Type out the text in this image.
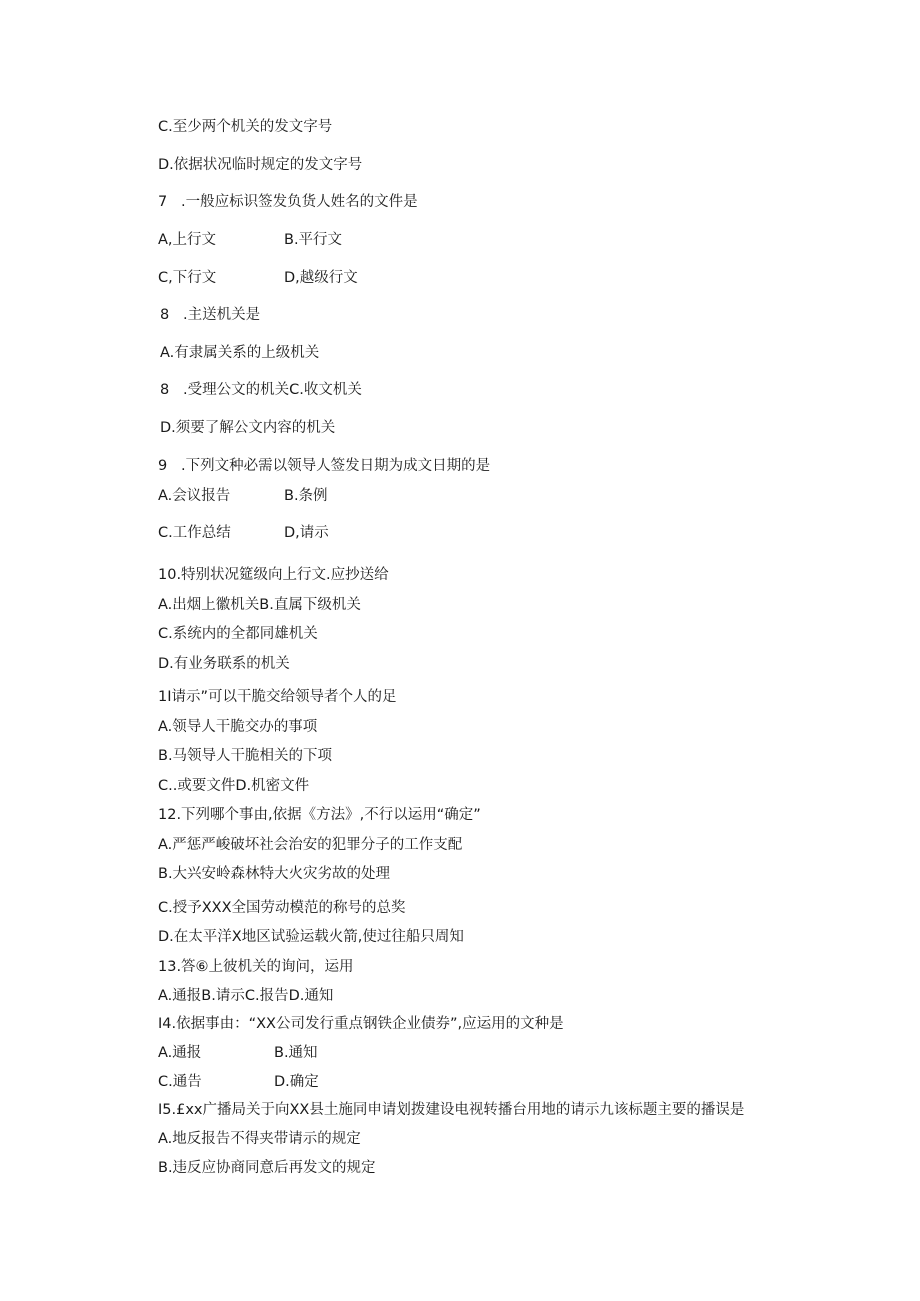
C.至少两个机关的发文字号
D.依据状况临时规定的发文字号
7   .一般应标识签发负货人姓名的文件是
A,上行文	B.平行文
C,下行文	D,越级行文
8   .主送机关是
A.有隶属关系的上级机关
8   .受理公文的机关C.收文机关
D.须要了解公文内容的机关
9   .下列文种必需以领导人签发日期为成文日期的是
A.会议报告	B.条例
C.工作总结	D,请示
10.特别状况筵级向上行文.应抄送给
A.出烟上徽机关B.直属下级机关
C.系统内的全都同雄机关
D.有业务联系的机关
1I请示”可以干脆交给领导者个人的足
A.领导人干脆交办的事项
B.马领导人干脆相关的下项
C..或要文件D.机密文件
12.下列哪个事由,依据《方法》,不行以运用“确定”
A.严惩严峻破坏社会治安的犯罪分子的工作支配
B.大兴安岭森林特大火灾劣故的处理
C.授予XXX全国劳动模范的称号的总奖
D.在太平洋X地区试验运载火箭,使过往船只周知
13.答⑥上彼机关的询问，运用
A.通报B.请示C.报告D.通知
I4.依据事由：“XX公司发行重点钢铁企业债券”,应运用的文种是
A.通报	B.通知
C.通告	D.确定
I5.£xx广播局关于向XX县土施同申请划拨建设电视转播台用地的请示九该标题主要的播误是
A.地反报告不得夹带请示的规定
B.违反应协商同意后再发文的规定
